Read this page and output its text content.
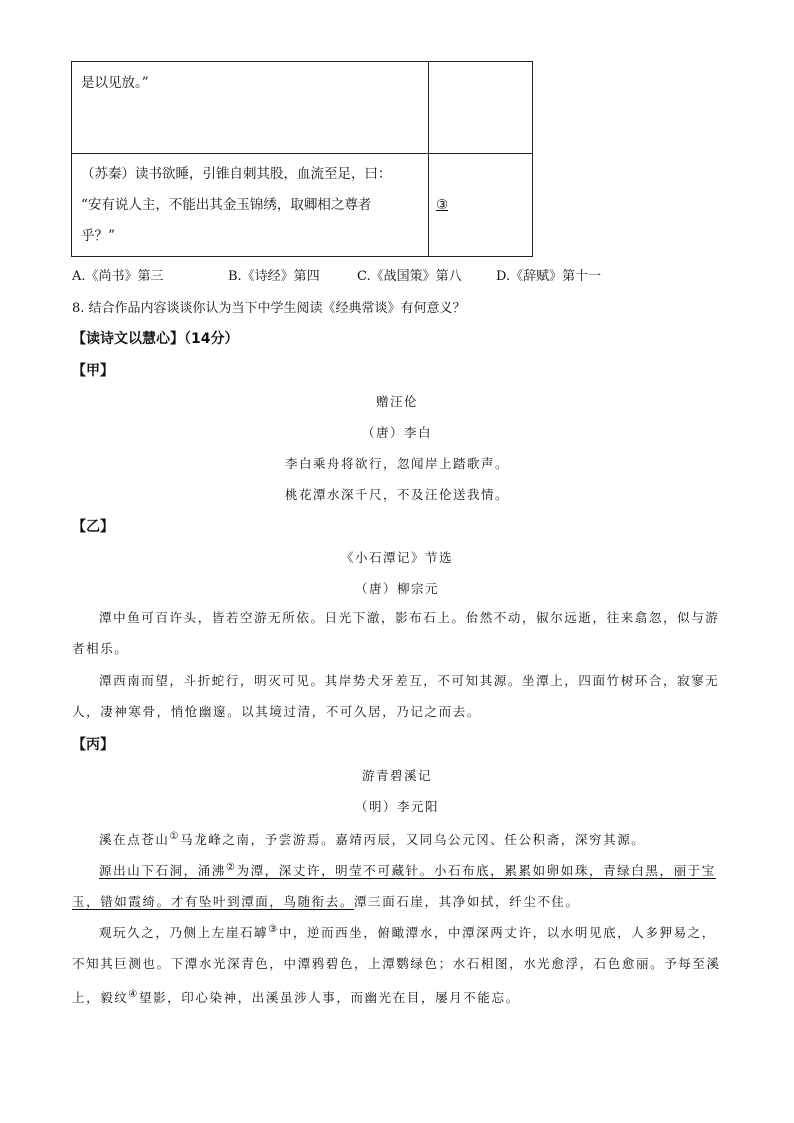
是以见放。”
（苏秦）读书欲睡，引锥自刺其股，血流至足，曰：
“安有说人主，不能出其金玉锦绣，取卿相之尊者
乎？”
③
A.《尚书》第三	B.《诗经》第四	C.《战国策》第八	D.《辞赋》第十一
8. 结合作品内容谈谈你认为当下中学生阅读《经典常谈》有何意义？
【读诗文以慧心】（14分）
【甲】
赠汪伦
（唐）李白
李白乘舟将欲行，忽闻岸上踏歌声。
桃花潭水深千尺，不及汪伦送我情。
【乙】
《小石潭记》节选
（唐）柳宗元
潭中鱼可百许头，皆若空游无所依。日光下澈，影布石上。佁然不动，俶尔远逝，往来翕忽，似与游者相乐。
潭西南而望，斗折蛇行，明灭可见。其岸势犬牙差互，不可知其源。坐潭上，四面竹树环合，寂寥无人，凄神寒骨，悄怆幽邃。以其境过清，不可久居，乃记之而去。
【丙】
游青碧溪记
（明）李元阳
溪在点苍山①马龙峰之南，予尝游焉。嘉靖丙辰，又同乌公元冈、任公积斋，深穷其源。
源出山下石洞，涌沸②为潭，深丈许，明莹不可藏针。小石布底，累累如卵如珠，青绿白黑，丽于宝玉，错如霞绮。才有坠叶到潭面，鸟随衔去。潭三面石崖，其净如拭，纤尘不住。
观玩久之，乃侧上左崖石罅③中，逆而西坐，俯瞰潭水，中潭深两丈许，以水明见底，人多狎易之，不知其巨测也。下潭水光深青色，中潭鸦碧色，上潭鹦绿色；水石相图，水光愈浮，石色愈丽。予每至溪上，毅纹④望影，印心染神，出溪虽涉人事，而幽光在目，屡月不能忘。
